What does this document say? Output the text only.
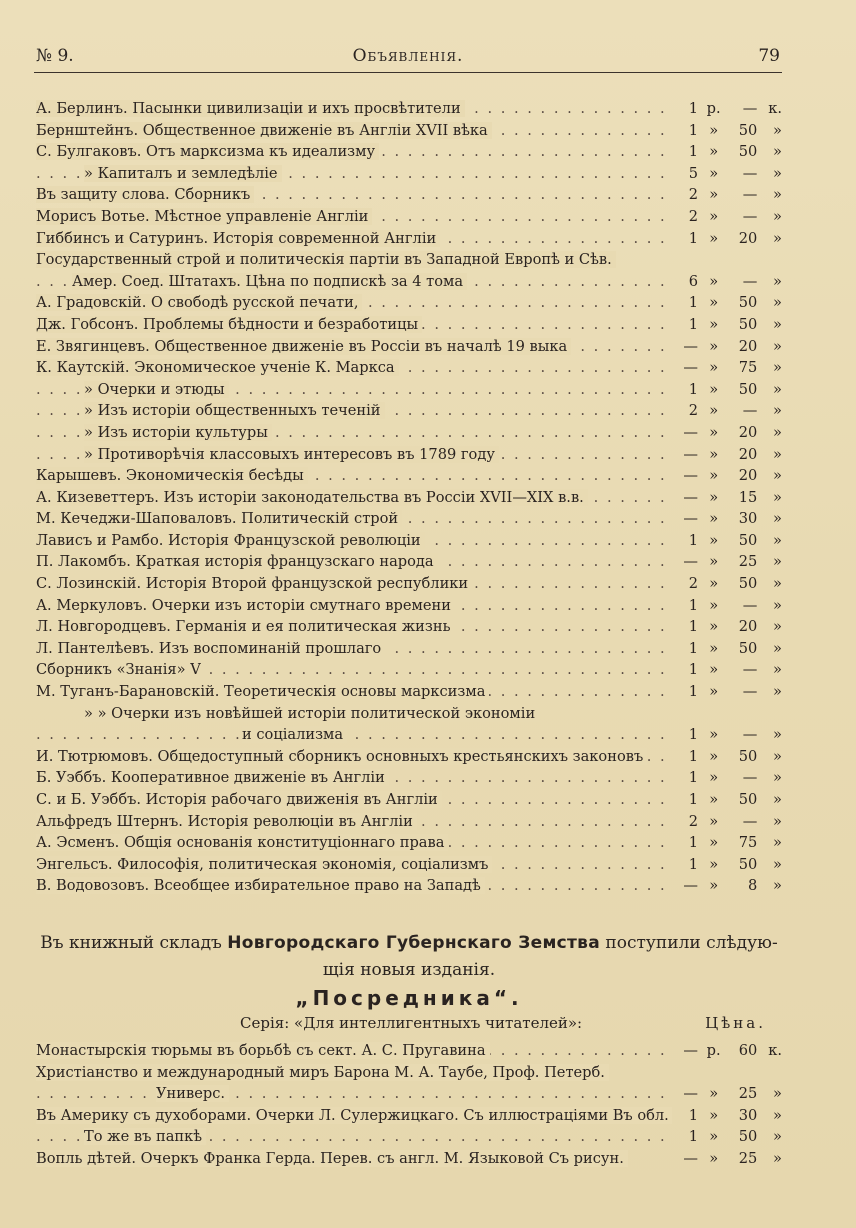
№ 9.	Объявленія.	79
А. Берлинъ. Пасынки цивилизаціи и ихъ просвѣтители . . .	1 р.	— к.
Бернштейнъ. Общественное движеніе въ Англіи XVII вѣка . . .	1 »	50	»
С. Булгаковъ. Отъ марксизма къ идеализму . . .	1 »	50	»
» Капиталъ и земледѣліе . . .	5 »	—	»
Въ защиту слова. Сборникъ . . .	2 »	—	»
Морисъ Вотье. Мѣстное управленіе Англіи . . .	2 »	—	»
Гиббинсъ и Сатуринъ. Исторія современной Англіи . . .	1 »	20	»
Государственный строй и политическія партіи въ Западной Европѣ и Сѣв.
Амер. Соед. Штатахъ. Цѣна по подпискѣ за 4 тома . . .	6 »	—	»
А. Градовскій. О свободѣ русской печати, . . .	1 »	50	»
Дж. Гобсонъ. Проблемы бѣдности и безработицы . . .	1 »	50	»
Е. Звягинцевъ. Общественное движеніе въ Россіи въ началѣ 19 выка . . .	— »	20	»
К. Каутскій. Экономическое ученіе К. Маркса . . .	— »	75	»
» Очерки и этюды . . .	1 »	50	»
» Изъ исторіи общественныхъ теченій . . .	2 »	—	»
» Изъ исторіи культуры . . .	— »	20	»
» Противорѣчія классовыхъ интересовъ въ 1789 году . . .	— »	20	»
Карышевъ. Экономическія бесѣды . . .	— »	20	»
А. Кизеветтеръ. Изъ исторіи законодательства въ Россіи XVII—XIX в.в. . . .	— »	15	»
М. Кечеджи-Шаповаловъ. Политическій строй . . .	— »	30	»
Лависъ и Рамбо. Исторія Французской революціи . . .	1 »	50	»
П. Лакомбъ. Краткая исторія французскаго народа . . .	— »	25	»
С. Лозинскій. Исторія Второй французской республики . . .	2 »	50	»
А. Меркуловъ. Очерки изъ исторіи смутнаго времени . . .	1 »	—	»
Л. Новгородцевъ. Германія и ея политическая жизнь . . .	1 »	20	»
Л. Пантелѣевъ. Изъ воспоминаній прошлаго . . .	1 »	50	»
Сборникъ «Знанія» V . . .	1 »	—	»
М. Туганъ-Барановскій. Теоретическія основы марксизма . . .	1 »	—	»
» » Очерки изъ новѣйшей исторіи политической экономіи
и соціализма . . .	1 »	—	»
И. Тютрюмовъ. Общедоступный сборникъ основныхъ крестьянскихъ законовъ . . .	1 »	50	»
Б. Уэббъ. Кооперативное движеніе въ Англіи . . .	1 »	—	»
С. и Б. Уэббъ. Исторія рабочаго движенія въ Англіи . . .	1 »	50	»
Альфредъ Штернъ. Исторія революціи въ Англіи . . .	2 »	—	»
А. Эсменъ. Общія основанія конституціоннаго права . . .	1 »	75	»
Энгельсъ. Философія, политическая экономія, соціализмъ . . .	1 »	50	»
В. Водовозовъ. Всеобщее избирательное право на Западѣ . . .	— »	8	»
Въ книжный складъ Новгородскаго Губернскаго Земства поступили слѣдую-
щія новыя изданія.
„Посредника“.
Серія: «Для интеллигентныхъ читателей»:	Цѣна.
Монастырскія тюрьмы въ борьбѣ съ сект. А. С. Пругавина . . .	— р.	60 к.
Христіанство и международный миръ Барона М. А. Таубе, Проф. Петерб.
Универс. . . .	— »	25	»
Въ Америку съ духоборами. Очерки Л. Сулержицкаго. Съ иллюстраціями Въ обл.	1 »	30	»
То же въ папкѣ . . .	1 »	50	»
Вопль дѣтей. Очеркъ Франка Герда. Перев. съ англ. М. Языковой Съ рисун.	— »	25	»
